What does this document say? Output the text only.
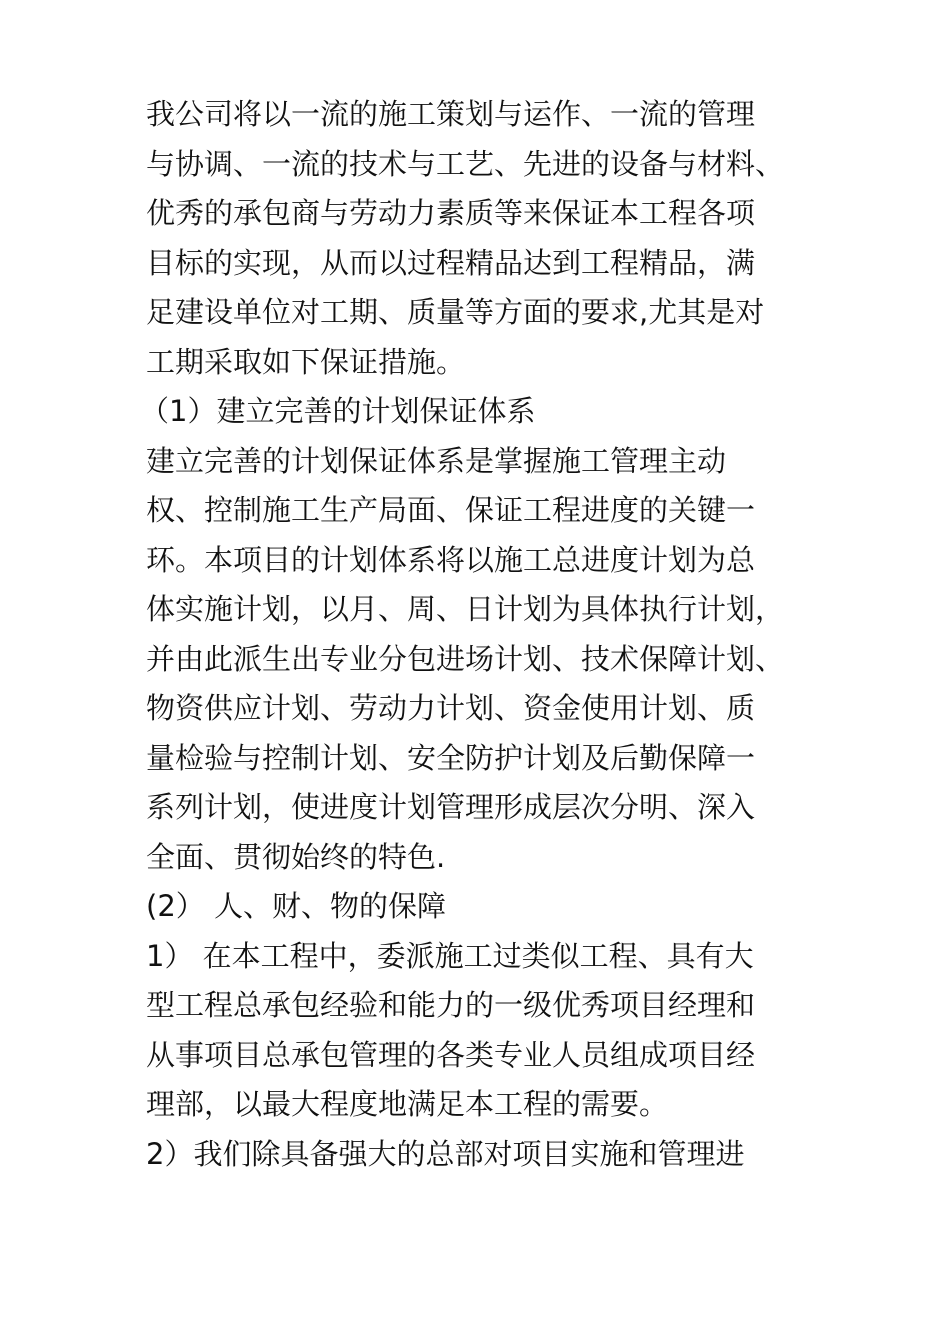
我公司将以一流的施工策划与运作、一流的管理
与协调、一流的技术与工艺、先进的设备与材料、
优秀的承包商与劳动力素质等来保证本工程各项
目标的实现，从而以过程精品达到工程精品，满
足建设单位对工期、质量等方面的要求,尤其是对
工期采取如下保证措施。
（1）建立完善的计划保证体系
建立完善的计划保证体系是掌握施工管理主动
权、控制施工生产局面、保证工程进度的关键一
环。本项目的计划体系将以施工总进度计划为总
体实施计划，以月、周、日计划为具体执行计划，
并由此派生出专业分包进场计划、技术保障计划、
物资供应计划、劳动力计划、资金使用计划、质
量检验与控制计划、安全防护计划及后勤保障一
系列计划，使进度计划管理形成层次分明、深入
全面、贯彻始终的特色.
(2） 人、财、物的保障
1） 在本工程中，委派施工过类似工程、具有大
型工程总承包经验和能力的一级优秀项目经理和
从事项目总承包管理的各类专业人员组成项目经
理部，以最大程度地满足本工程的需要。
2）我们除具备强大的总部对项目实施和管理进
